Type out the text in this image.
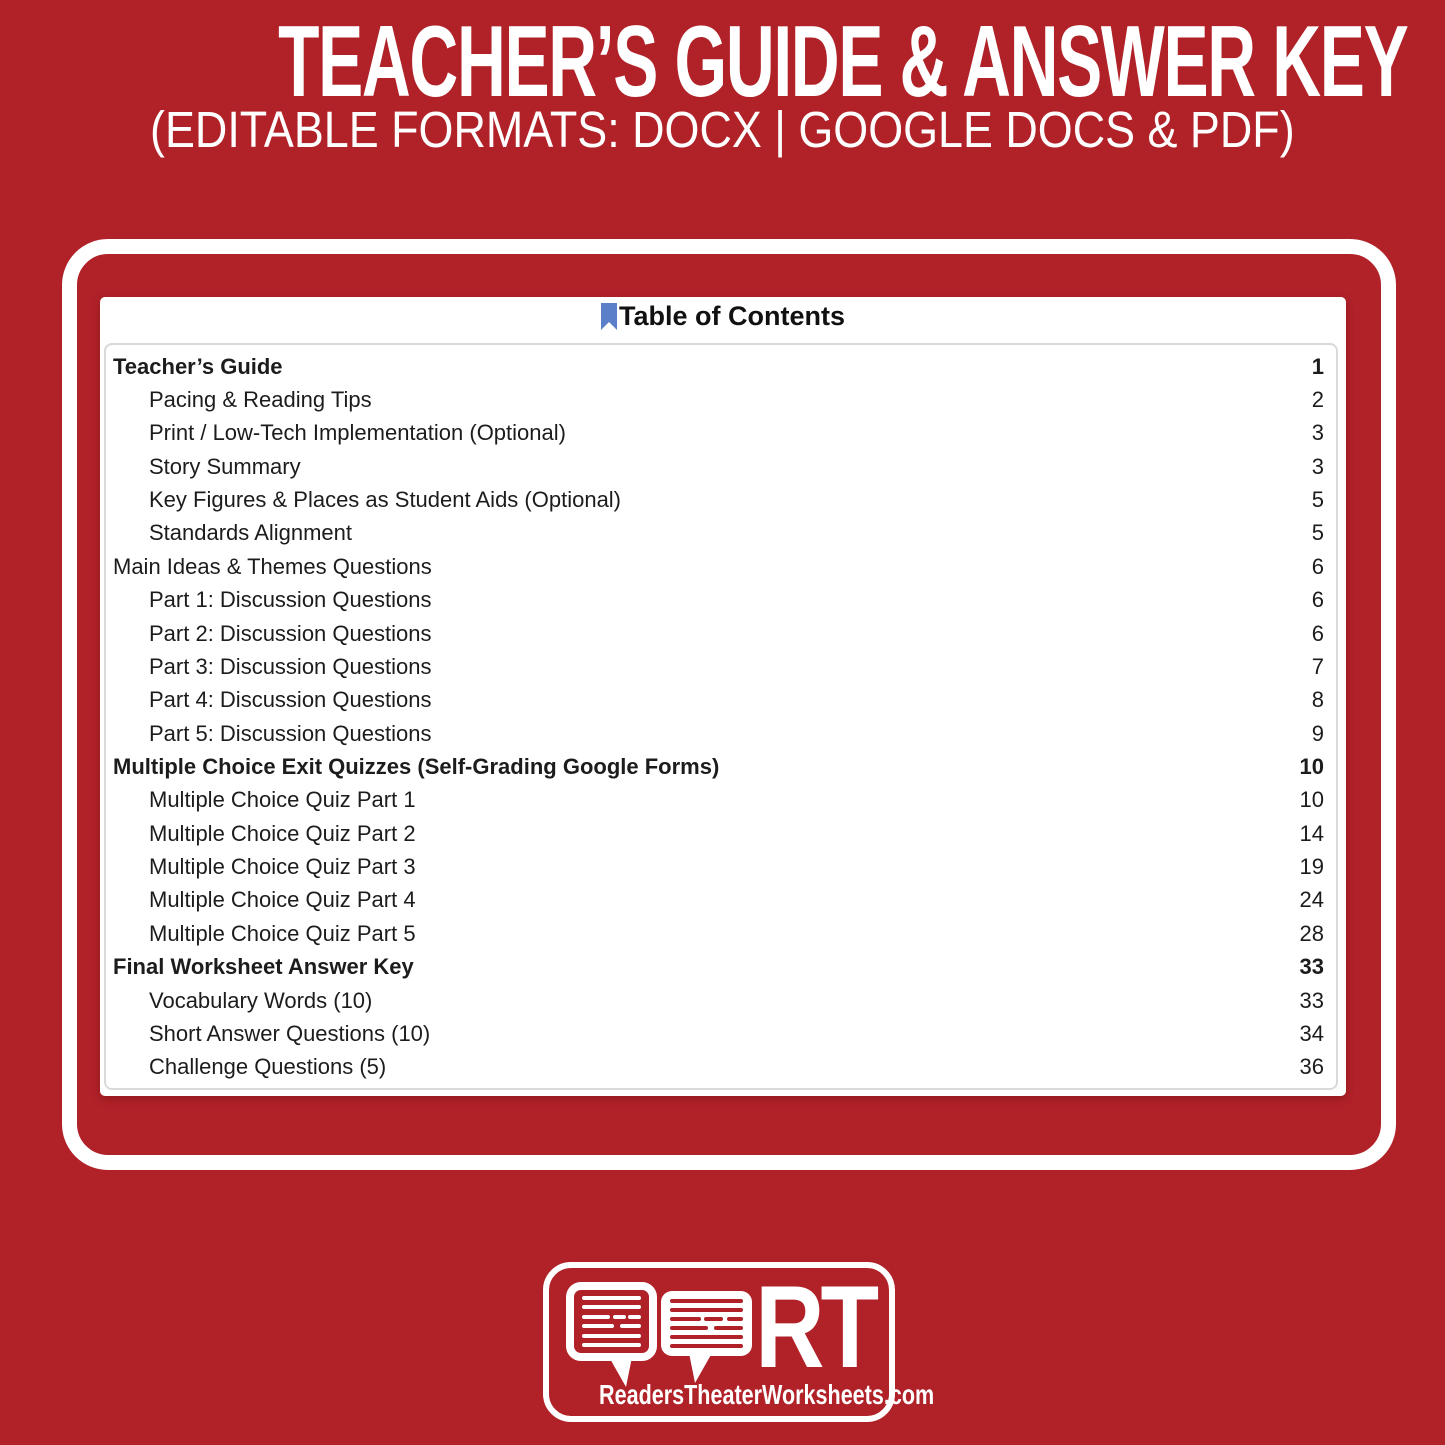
TEACHER’S GUIDE & ANSWER KEY
(EDITABLE FORMATS: DOCX | GOOGLE DOCS & PDF)
Table of Contents
Teacher’s Guide	1
Pacing & Reading Tips	2
Print / Low-Tech Implementation (Optional)	3
Story Summary	3
Key Figures & Places as Student Aids (Optional)	5
Standards Alignment	5
Main Ideas & Themes Questions	6
Part 1: Discussion Questions	6
Part 2: Discussion Questions	6
Part 3: Discussion Questions	7
Part 4: Discussion Questions	8
Part 5: Discussion Questions	9
Multiple Choice Exit Quizzes (Self-Grading Google Forms)	10
Multiple Choice Quiz Part 1	10
Multiple Choice Quiz Part 2	14
Multiple Choice Quiz Part 3	19
Multiple Choice Quiz Part 4	24
Multiple Choice Quiz Part 5	28
Final Worksheet Answer Key	33
Vocabulary Words (10)	33
Short Answer Questions (10)	34
Challenge Questions (5)	36
RT
ReadersTheaterWorksheets.com
